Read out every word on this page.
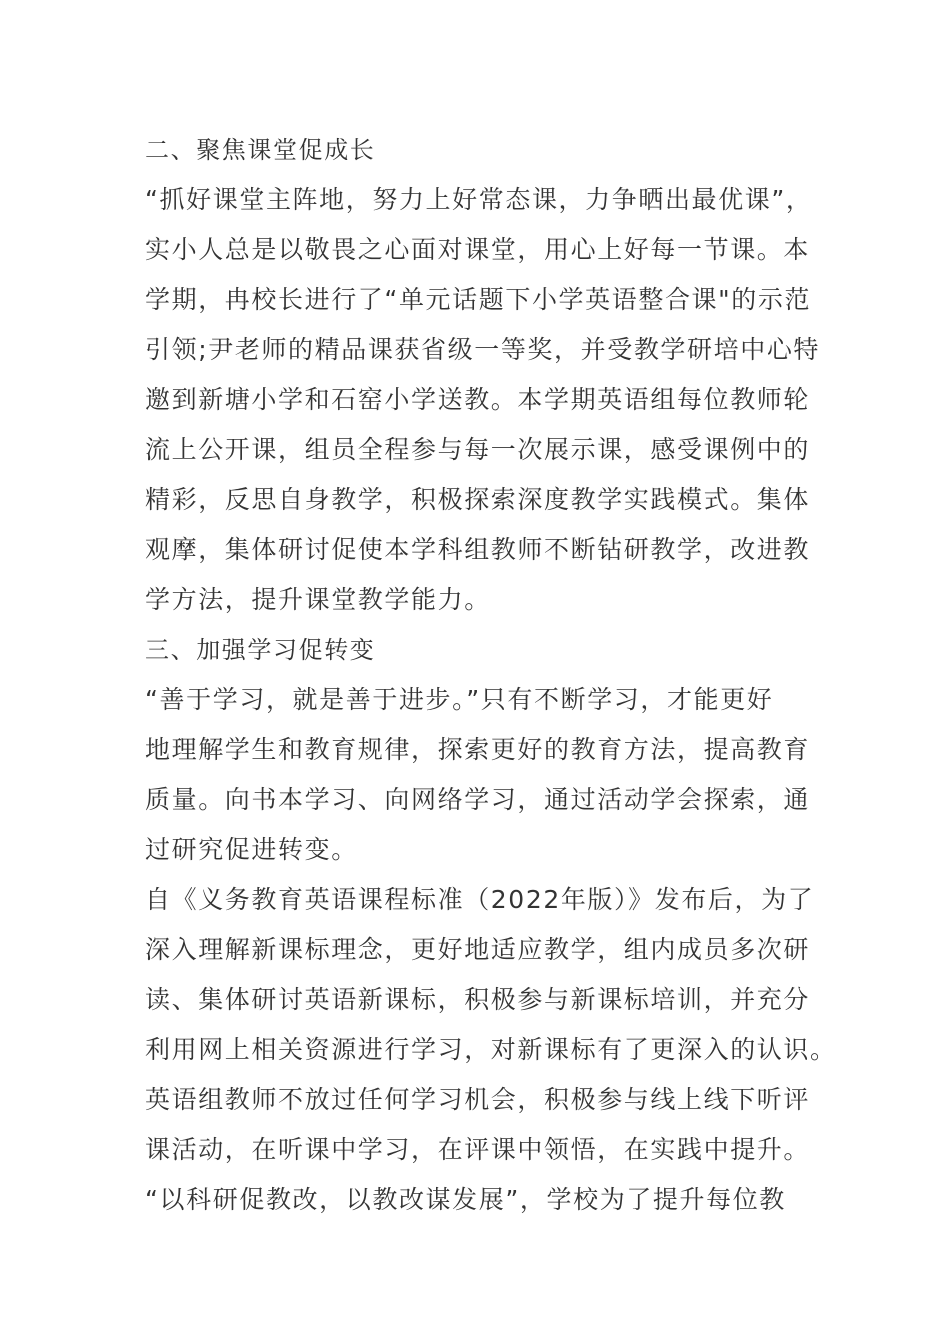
二、聚焦课堂促成长
“抓好课堂主阵地，努力上好常态课，力争晒出最优课”，
实小人总是以敬畏之心面对课堂，用心上好每一节课。本
学期，冉校长进行了“单元话题下小学英语整合课"的示范
引领;尹老师的精品课获省级一等奖，并受教学研培中心特
邀到新塘小学和石窑小学送教。本学期英语组每位教师轮
流上公开课，组员全程参与每一次展示课，感受课例中的
精彩，反思自身教学，积极探索深度教学实践模式。集体
观摩，集体研讨促使本学科组教师不断钻研教学，改进教
学方法，提升课堂教学能力。
三、加强学习促转变
“善于学习，就是善于进步。”只有不断学习，才能更好
地理解学生和教育规律，探索更好的教育方法，提高教育
质量。向书本学习、向网络学习，通过活动学会探索，通
过研究促进转变。
自《义务教育英语课程标准（2022年版）》发布后，为了
深入理解新课标理念，更好地适应教学，组内成员多次研
读、集体研讨英语新课标，积极参与新课标培训，并充分
利用网上相关资源进行学习，对新课标有了更深入的认识。
英语组教师不放过任何学习机会，积极参与线上线下听评
课活动，在听课中学习，在评课中领悟，在实践中提升。
“以科研促教改，以教改谋发展”，学校为了提升每位教
